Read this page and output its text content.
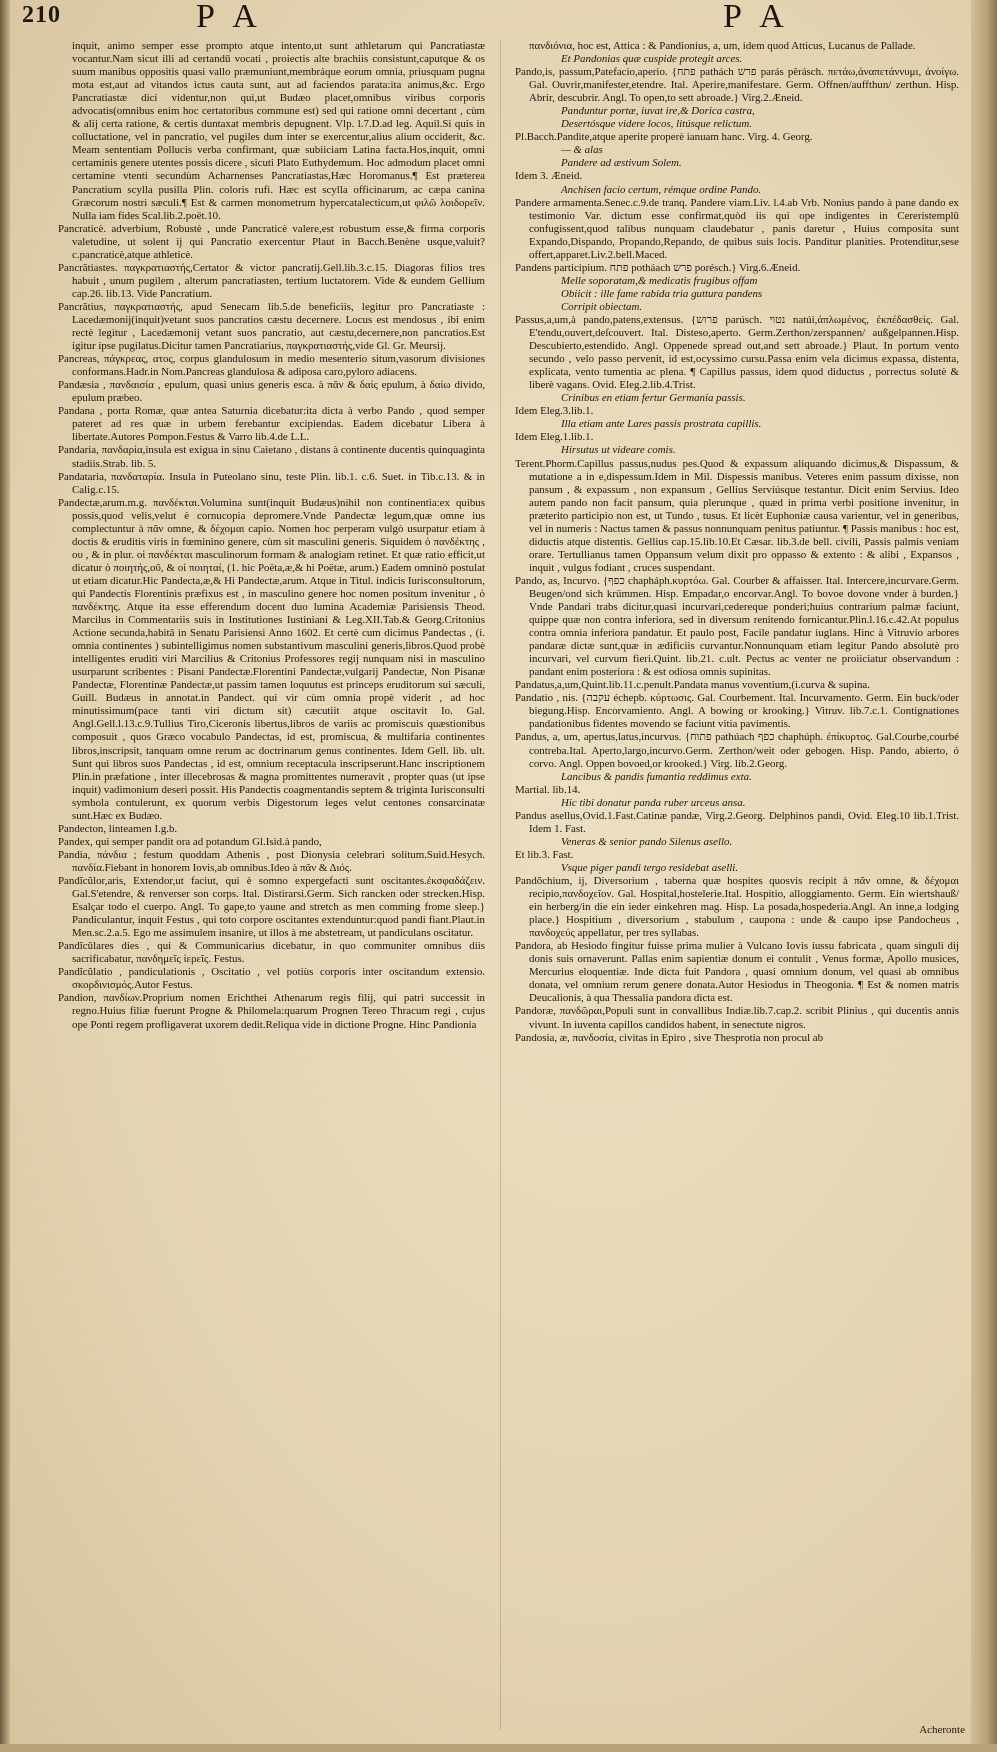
210	P A	P A

inquit, animo semper esse prompto atque intento,ut sunt athletarum qui Pancratiastæ vocantur.Nam sicut illi ad certandū vocati , proiectis alte brachiis consistunt,caputque & os suum manibus oppositis quasi vallo præmuniunt,membráque eorum omnia, priusquam pugna mota est,aut ad vitandos ictus cauta sunt, aut ad faciendos parata:ita animus,&c. Ergo Pancratiastæ dici videntur,non qui,ut Budæo placet,omnibus viribus corporis advocatis(omnibus enim hoc certatoribus commune est) sed qui ratione omni decertant , cùm & alij certa ratione, & certis duntaxat membris depugnent. Vlp. l.7.D.ad leg. Aquil.Si quis in colluctatione, vel in pancratio, vel pugiles dum inter se exercentur,alius alium occiderit, &c. Meam sententiam Pollucis verba confirmant, quæ subiiciam Latina facta.Hos,inquit, omni certaminis genere utentes possis dicere , sicuti Plato Euthydemum. Hoc admodum placet omni certamine vtenti secundùm Acharnenses Pancratiastas,Hæc Horomanus.¶ Est præterea Pancratium scylla pusilla Plin. coloris rufi. Hæc est scylla officinarum, ac cæpa canina Græcorum nostri sæculi.¶ Est & carmen monometrum hypercatalecticum,ut φιλῶ λοιδορεῖν. Nulla iam fides Scal.lib.2.poët.10.

Pancraticè. adverbium, Robustè , unde Pancraticè valere,est robustum esse,& firma corporis valetudine, ut solent ij qui Pancratio exercentur Plaut in Bacch.Benène usque,valuit?c.pancraticè,atque athleticè.

Pancrătiastes. παγκρατιαστής,Certator & victor pancratij.Gell.lib.3.c.15. Diagoras filios tres habuit , unum pugilem , alterum pancratiasten, tertium luctatorem. Vide & eundem Gellium cap.26. lib.13. Vide Pancratium.

Pancrătius, παγκρατιαστής, apud Senecam lib.5.de beneficiis, legitur pro Pancratiaste : Lacedæmonij(inquit)vetant suos pancratios cæstu decernere. Locus est mendosus , ibi enim rectè legitur , Lacedæmonij vetant suos pancratio, aut cæstu,decernere,non pancratios.Est igitur ipse pugilatus.Dicitur tamen Pancratiarius, παγκρατιαστής,vide Gl. Gr. Meursij.

Pancreas, πάγκρεας, ατος, corpus glandulosum in medio mesenterio situm,vasorum divisiones conformans.Hadr.in Nom.Pancreas glandulosa & adiposa caro,pyloro adiacens.

Pandæsia , πανδαισία , epulum, quasi unius generis esca. à πᾶν & δαὶς epulum, à δαίω divido, epulum præbeo.

Pandana , porta Romæ, quæ antea Saturnia dicebatur:ita dicta à verbo Pando , quod semper pateret ad res quæ in urbem ferebantur excipiendas. Eadem dicebatur Libera à libertate.Autores Pompon.Festus & Varro lib.4.de L.L.

Pandaria, πανδαρία,insula est exigua in sinu Caietano , distans à continente ducentis quinquaginta stadiis.Strab. lib. 5.

Pandataria, πανδαταρία. Insula in Puteolano sinu, teste Plin. lib.1. c.6. Suet. in Tib.c.13. & in Calig.c.15.

Pandectæ,arum.m.g. πανδέκται.Volumina sunt(inquit Budæus)nihil non continentia:ex quibus possis,quod velis,velut è cornucopia depromere.Vnde Pandectæ legum,quæ omne ius complectuntur à πᾶν omne, & δέχομαι capio. Nomen hoc perperam vulgò usurpatur etiam à doctis & eruditis viris in fœminino genere, cùm sit masculini generis. Siquidem ὁ πανδέκτης , ου , & in plur. οἱ πανδέκται masculinorum formam & analogiam retinet. Et quæ ratio efficit,ut dicatur ὁ ποιητής,οῦ, & οἱ ποιηταί, (1. hic Poëta,æ,& hi Poëtæ, arum.) Eadem omninò postulat ut etiam dicatur.Hic Pandecta,æ,& Hi Pandectæ,arum. Atque in Titul. indicis Iurisconsultorum, qui Pandectis Florentinis præfixus est , in masculino genere hoc nomen positum invenitur , ὁ πανδέκτης. Atque ita esse efferendum docent duo lumina Academiæ Parisiensis Theod. Marcilus in Commentariis suis in Institutiones Iustiniani & Leg.XII.Tab.& Georg.Critonius Actione secunda,habitâ in Senatu Parisiensi Anno 1602. Et certè cum dicimus Pandectas , (i. omnia continentes ) subintelligimus nomen substantivum masculini generis,libros.Quod probè intelligentes eruditi viri Marcilius & Critonius Professores regij nunquam nisi in masculino usurparunt scribentes : Pisani Pandectæ.Florentini Pandectæ,vulgarij Pandectæ, Non Pisanæ Pandectæ, Florentinæ Pandectæ,ut passim tamen loquutus est princeps eruditorum sui sæculi, Guill. Budæus in annotat.in Pandect. qui vir cùm omnia propè viderit , ad hoc minutissimum(pace tanti viri dictum sit) cæcutiit atque oscitavit Io. Gal. Angl.Gell.l.13.c.9.Tullius Tiro,Ciceronis libertus,libros de variis ac promiscuis quæstionibus composuit , quos Græco vocabulo Pandectas, id est, promiscua, & multifaria continentes libros,inscripsit, tanquam omne rerum ac doctrinarum genus continentes. Idem Gell. lib. ult. Sunt qui libros suos Pandectas , id est, omnium receptacula inscripserunt.Hanc inscriptionem Plin.in præfatione , inter illecebrosas & magna promittentes numeravit , propter quas (ut ipse inquit) vadimonium deseri possit. His Pandectis coagmentandis septem & triginta Iurisconsulti symbola contulerunt, ex quorum verbis Digestorum leges velut centones consarcinatæ sunt.Hæc ex Budæo.

Pandecton, linteamen I.g.b.

Pandex, qui semper pandit ora ad potandum Gl.Isid.à pando,

Pandia, πάνδια ; festum quoddam Athenis , post Dionysia celebrari solitum.Suid.Hesych. πανδία.Fiebant in honorem Iovis,ab omnibus.Ideo à πᾶν & Διός.

Pandĭcŭlor,aris, Extendor,ut faciut, qui è somno expergefacti sunt oscitantes.ἐκσφαδάζειν. Gal.S'etendre, & renverser son corps. Ital. Distirarsi.Germ. Sich rancken oder strecken.Hisp. Esalçar todo el cuerpo. Angl. To gape,to yaune and stretch as men comming frome sleep.} Pandiculantur, inquit Festus , qui toto corpore oscitantes extenduntur:quod pandi fiant.Plaut.in Men.sc.2.a.5. Ego me assimulem insanire, ut illos à me abstetream, ut pandiculans oscitatur.

Pandĭcŭlares dies , qui & Communicarius dicebatur, in quo communiter omnibus diis sacrificabatur, πανδημεῖς ἱερεῖς. Festus.

Pandĭcŭlatio , pandiculationis , Oscitatio , vel potiùs corporis inter oscitandum extensio. σκορδινισμός.Autor Festus.

Pandion, πανδίων.Proprium nomen Erichthei Athenarum regis filij, qui patri successit in regno.Huius filiæ fuerunt Progne & Philomela:quarum Prognen Tereo Thracum regi , cujus ope Ponti regem profligaverat uxorem dedit.Reliqua vide in dictione Progne. Hinc Pandionia

πανδιόνια, hoc est, Attica : & Pandionius, a, um, idem quod Atticus, Lucanus de Pallade.

Et Pandonias quæ cuspide protegit arces.

Pando,is, passum,Patefacio,aperio. {פתח pathách פרש parás pêrásch. πετάω,ἀναπετάννυμι, ἀνοίγω. Gal. Ouvrir,manifester,etendre. Ital. Aperire,manifestare. Germ. Offnen/auffthun/ zerthun. Hisp. Abrir, descubrir. Angl. To open,to sett abroade.} Virg.2.Æneid.

Panduntur portæ, iuvat ire,& Dorica castra,

Desertósque videre locos, litúsque relictum.

Pl.Bacch.Pandite,atque aperite properè ianuam hanc. Virg. 4. Georg.

— & alas

Pandere ad æstivum Solem.

Idem 3. Æneid.

Anchisen facio certum, rémque ordine Pando.

Pandere armamenta.Senec.c.9.de tranq. Pandere viam.Liv. l.4.ab Vrb. Nonius pando à pane dando ex testimonio Var. dictum esse confirmat,quòd iis qui ope indigentes in Cereristemplū confugissent,quod talibus nunquam claudebatur , panis daretur , Huius composita sunt Expando,Dispando, Propando,Repando, de quibus suis locis. Panditur planities. Protenditur,sese offert,apparet.Liv.2.bell.Maced.

Pandens participium. פתח potháach פרש porésch.} Virg.6.Æneid.

Melle soporatam,& medicatis frugibus offam

Obiicit : ille fame rabida tria guttura pandens

Corripit obiectam.

Passus,a,um,à pando,patens,extensus. {פרוש parúsch. נטוי natúi,ἀπλωμένος, ἐκπέδασθεὶς. Gal. E'tendu,ouvert,deſcouvert. Ital. Disteso,aperto. Germ.Zerthon/zerspannen/ außgelpannen.Hisp. Descubierto,estendido. Angl. Oppenede spread out,and sett abroade.} Plaut. In portum vento secundo , velo passo pervenit, id est,ocyssimo cursu.Passa enim vela dicimus expassa, distenta, explicata, vento tumentia ac plena. ¶ Capillus passus, idem quod diductus , porrectus solutè & liberè vagans. Ovid. Eleg.2.lib.4.Trist.

Crinibus en etiam fertur Germania passis.

Idem Eleg.3.lib.1.

Illa etiam ante Lares passis prostrata capillis.

Idem Eleg.1.lib.1.

Hirsutus ut videare comis.

Terent.Phorm.Capillus passus,nudus pes.Quod & expassum aliquando dicimus,& Dispassum, & mutatione a in e,dispessum.Idem in Mil. Dispessis manibus. Veteres enim passum dixisse, non pansum , & expassum , non expansum , Gellius Serviúsque testantur. Dicit enim Servius. Ideo autem pando non facit pansum, quia plerunque , quæd in prima verbi positione invenitur, in præterito participio non est, ut Tundo , tusus. Et licèt Euphoniæ causa varientur, vel in generibus, vel in numeris : Nactus tamen & passus nonnunquam penitus patiuntur. ¶ Passis manibus : hoc est, diductis atque distentis. Gellius cap.15.lib.10.Et Cæsar. lib.3.de bell. civili, Passis palmis veniam orare. Tertullianus tamen Oppansum velum dixit pro oppasso & extento : & alibi , Expansos , inquit , vulgus fodiant , cruces suspendant.

Pando, as, Incurvo. {כפף chapháph.κυρτόω. Gal. Courber & affaisser. Ital. Intercere,incurvare.Germ. Beugen/ond sich krümmen. Hisp. Empadar,o encorvar.Angl. To bovoe dovone vnder à burden.} Vnde Pandari trabs dicitur,quasi incurvari,cedereque ponderi;huius contrarium palmæ faciunt, quippe quæ non contra inferiora, sed in diversum renitendo fornicantur.Plin.l.16.c.42.At populus contra omnia inferiora pandatur. Et paulo post, Facile pandatur iuglans. Hinc à Vitruvio arbores pandaræ dictæ sunt,quæ in ædificiis curvantur.Nonnunquam etiam legitur Pando absolutè pro incurvari, vel curvum fieri.Quint. lib.21. c.ult. Pectus ac venter ne proiiciatur observandum : pandant enim posteriora : & est odiosa omnis supinitas.

Pandatus,a,um,Quint.lib.11.c.penult.Pandata manus voventium,(i.curva & supina.

Pandatio , nis. {עקבה échepb. κύρτωσις. Gal. Courbement. Ital. Incurvamento. Germ. Ein buck/oder biegung.Hisp. Encorvamiento. Angl. A bowing or krooking.} Vitruv. lib.7.c.1. Contignationes pandationibus fidentes movendo se faciunt vitia pavimentis.

Pandus, a, um, apertus,latus,incurvus. {פתוח pathúach כפף chaphúph. ἐπίκυρτος. Gal.Courbe,courbé contreba.Ital. Aperto,largo,incurvo.Germ. Zerthon/weit oder gebogen. Hisp. Pando, abierto, ó corvo. Angl. Oppen bovoed,or krooked.} Virg. lib.2.Georg.

Lancibus & pandis fumantia reddimus exta.

Martial. lib.14.

Hic tibi donatur panda ruber urceus ansa.

Pandus asellus,Ovid.1.Fast.Catinæ pandæ, Virg.2.Georg. Delphinos pandi, Ovid. Eleg.10 lib.1.Trist. Idem 1. Fast.

Veneras & senior pando Silenus asello.

Et lib.3. Fast.

Vsque piger pandi tergo residebat aselli.

Pandŏchium, ij, Diversorium , taberna quæ hospites quosvis recipit à πᾶν omne, & δέχομαι recipio,πανδοχεῖον. Gal. Hospital,hostelerie.Ital. Hospitio, alloggiamento. Germ. Ein wiertshauß/ ein herberg/in die ein ieder einkehren mag. Hisp. La posada,hospederia.Angl. An inne,a lodging place.} Hospitium , diversorium , stabulum , caupona : unde & caupo ipse Pandocheus , πανδοχεύς appellatur, per tres syllabas.

Pandora, ab Hesiodo fingitur fuisse prima mulier à Vulcano Iovis iussu fabricata , quam singuli dij donis suis ornaverunt. Pallas enim sapientiæ donum ei contulit , Venus formæ, Apollo musices, Mercurius eloquentiæ. Inde dicta fuit Pandora , quasi omnium donum, vel quasi ab omnibus donata, vel omnium rerum genere donata.Autor Hesiodus in Theogonia. ¶ Est & nomen matris Deucalionis, à qua Thessalia pandora dicta est.

Pandoræ, πανδῶραι,Populi sunt in convallibus Indiæ.lib.7.cap.2. scribit Plinius , qui ducentis annis vivunt. In iuventa capillos candidos habent, in senectute nigros.

Pandosia, æ, πανδοσία, civitas in Epiro , sive Thesprotia non procul ab

Acheronte
